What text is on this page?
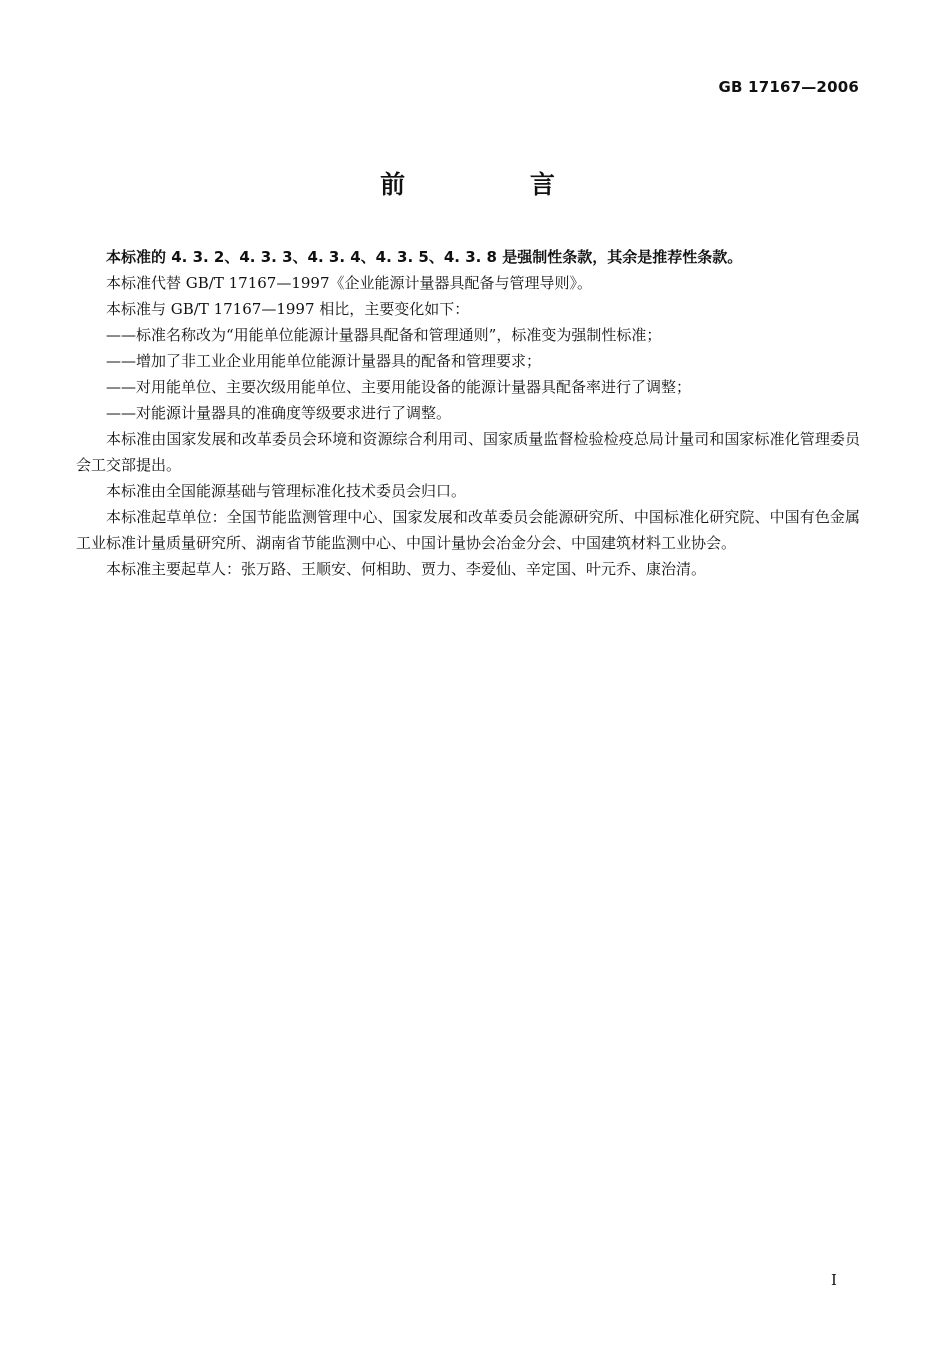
GB 17167—2006
前 言

本标准的 4. 3. 2、4. 3. 3、4. 3. 4、4. 3. 5、4. 3. 8 是强制性条款，其余是推荐性条款。

本标准代替 GB/T 17167—1997《企业能源计量器具配备与管理导则》。

本标准与 GB/T 17167—1997 相比，主要变化如下：

——标准名称改为“用能单位能源计量器具配备和管理通则”，标准变为强制性标准；

——增加了非工业企业用能单位能源计量器具的配备和管理要求；

——对用能单位、主要次级用能单位、主要用能设备的能源计量器具配备率进行了调整；

——对能源计量器具的准确度等级要求进行了调整。

本标准由国家发展和改革委员会环境和资源综合利用司、国家质量监督检验检疫总局计量司和国家标准化管理委员会工交部提出。

本标准由全国能源基础与管理标准化技术委员会归口。

本标准起草单位：全国节能监测管理中心、国家发展和改革委员会能源研究所、中国标准化研究院、中国有色金属工业标准计量质量研究所、湖南省节能监测中心、中国计量协会冶金分会、中国建筑材料工业协会。

本标准主要起草人：张万路、王顺安、何相助、贾力、李爱仙、辛定国、叶元乔、康治清。

I
